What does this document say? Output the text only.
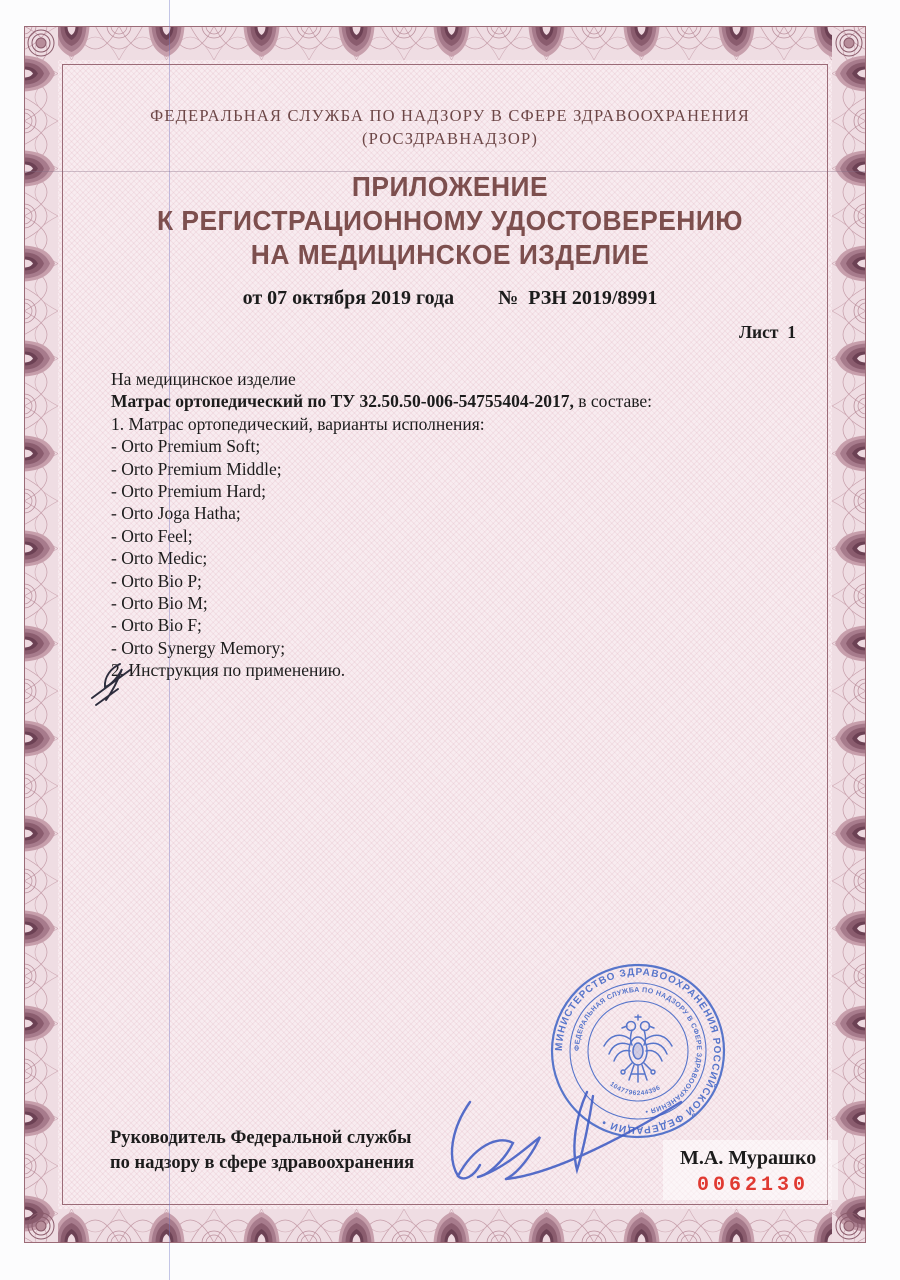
ФЕДЕРАЛЬНАЯ СЛУЖБА ПО НАДЗОРУ В СФЕРЕ ЗДРАВООХРАНЕНИЯ
(РОСЗДРАВНАДЗОР)
ПРИЛОЖЕНИЕ
К РЕГИСТРАЦИОННОМУ УДОСТОВЕРЕНИЮ
НА МЕДИЦИНСКОЕ ИЗДЕЛИЕ
от 07 октября 2019 года №  РЗН 2019/8991
Лист  1
На медицинское изделие
Матрас ортопедический по ТУ 32.50.50-006-54755404-2017, в составе:
1. Матрас ортопедический, варианты исполнения:
- Orto Premium Soft;
- Orto Premium Middle;
- Orto Premium Hard;
- Orto Joga Hatha;
- Orto Feel;
- Orto Medic;
- Orto Bio P;
- Orto Bio M;
- Orto Bio F;
- Orto Synergy Memory;
2. Инструкция по применению.
МИНИСТЕРСТВО ЗДРАВООХРАНЕНИЯ РОССИЙСКОЙ ФЕДЕРАЦИИ •
ФЕДЕРАЛЬНАЯ СЛУЖБА ПО НАДЗОРУ В СФЕРЕ ЗДРАВООХРАНЕНИЯ •
1047796244396
Руководитель Федеральной службы
по надзору в сфере здравоохранения	М.А. Мурашко
0062130
